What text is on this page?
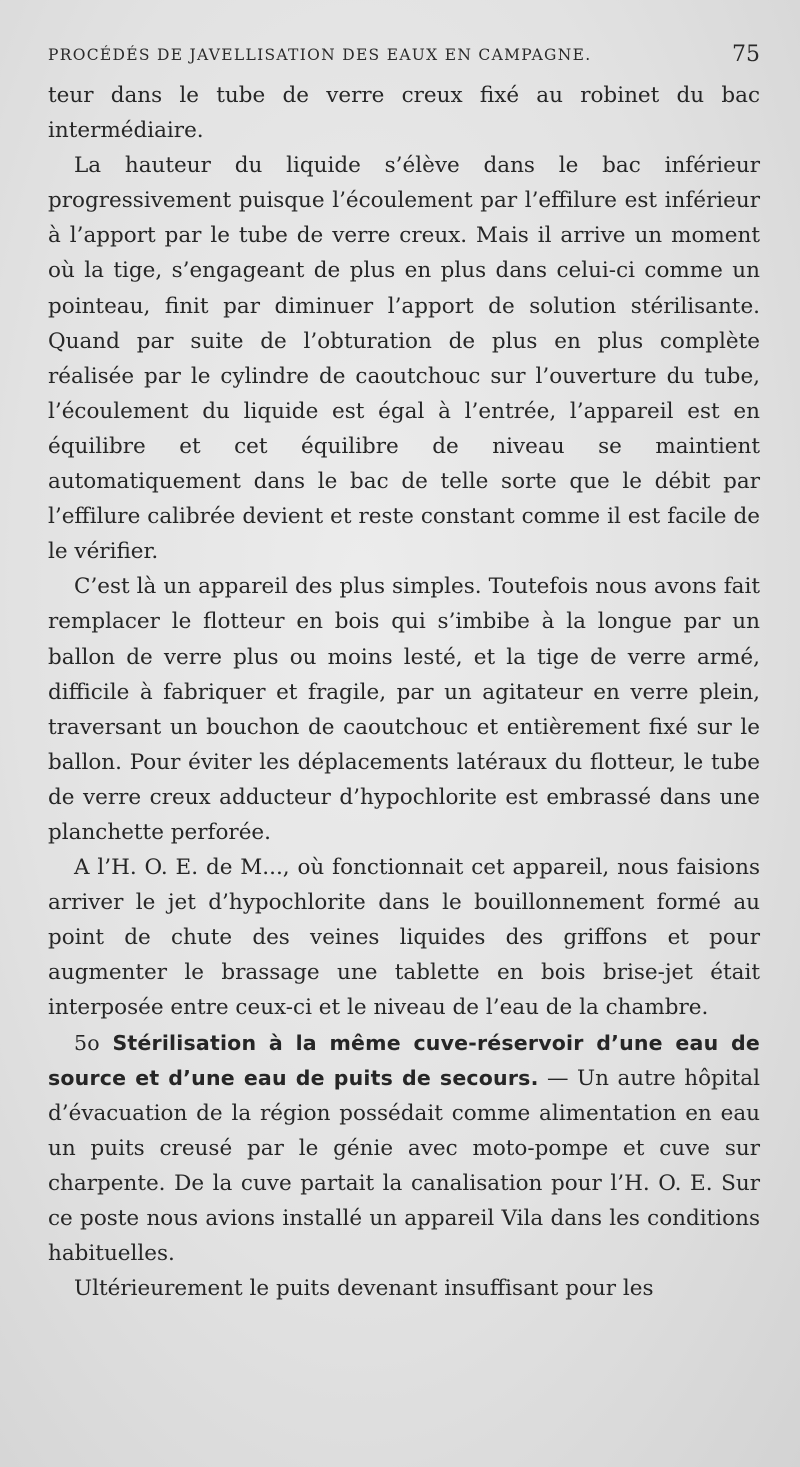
PROCÉDÉS DE JAVELLISATION DES EAUX EN CAMPAGNE.	75

teur dans le tube de verre creux fixé au robinet du bac intermédiaire.

La hauteur du liquide s’élève dans le bac inférieur progressivement puisque l’écoulement par l’effilure est inférieur à l’apport par le tube de verre creux. Mais il arrive un moment où la tige, s’engageant de plus en plus dans celui-ci comme un pointeau, finit par diminuer l’apport de solution stérilisante. Quand par suite de l’obturation de plus en plus complète réalisée par le cylindre de caoutchouc sur l’ouverture du tube, l’écoulement du liquide est égal à l’entrée, l’appareil est en équilibre et cet équilibre de niveau se maintient automatiquement dans le bac de telle sorte que le débit par l’effilure calibrée devient et reste constant comme il est facile de le vérifier.

C’est là un appareil des plus simples. Toutefois nous avons fait remplacer le flotteur en bois qui s’imbibe à la longue par un ballon de verre plus ou moins lesté, et la tige de verre armé, difficile à fabriquer et fragile, par un agitateur en verre plein, traversant un bouchon de caoutchouc et entièrement fixé sur le ballon. Pour éviter les déplacements latéraux du flotteur, le tube de verre creux adducteur d’hypochlorite est embrassé dans une planchette perforée.

A l’H. O. E. de M..., où fonctionnait cet appareil, nous faisions arriver le jet d’hypochlorite dans le bouillonnement formé au point de chute des veines liquides des griffons et pour augmenter le brassage une tablette en bois brise-jet était interposée entre ceux-ci et le niveau de l’eau de la chambre.

5o Stérilisation à la même cuve-réservoir d’une eau de source et d’une eau de puits de secours. — Un autre hôpital d’évacuation de la région possédait comme alimentation en eau un puits creusé par le génie avec moto-pompe et cuve sur charpente. De la cuve partait la canalisation pour l’H. O. E. Sur ce poste nous avions installé un appareil Vila dans les conditions habituelles.

Ultérieurement le puits devenant insuffisant pour les
